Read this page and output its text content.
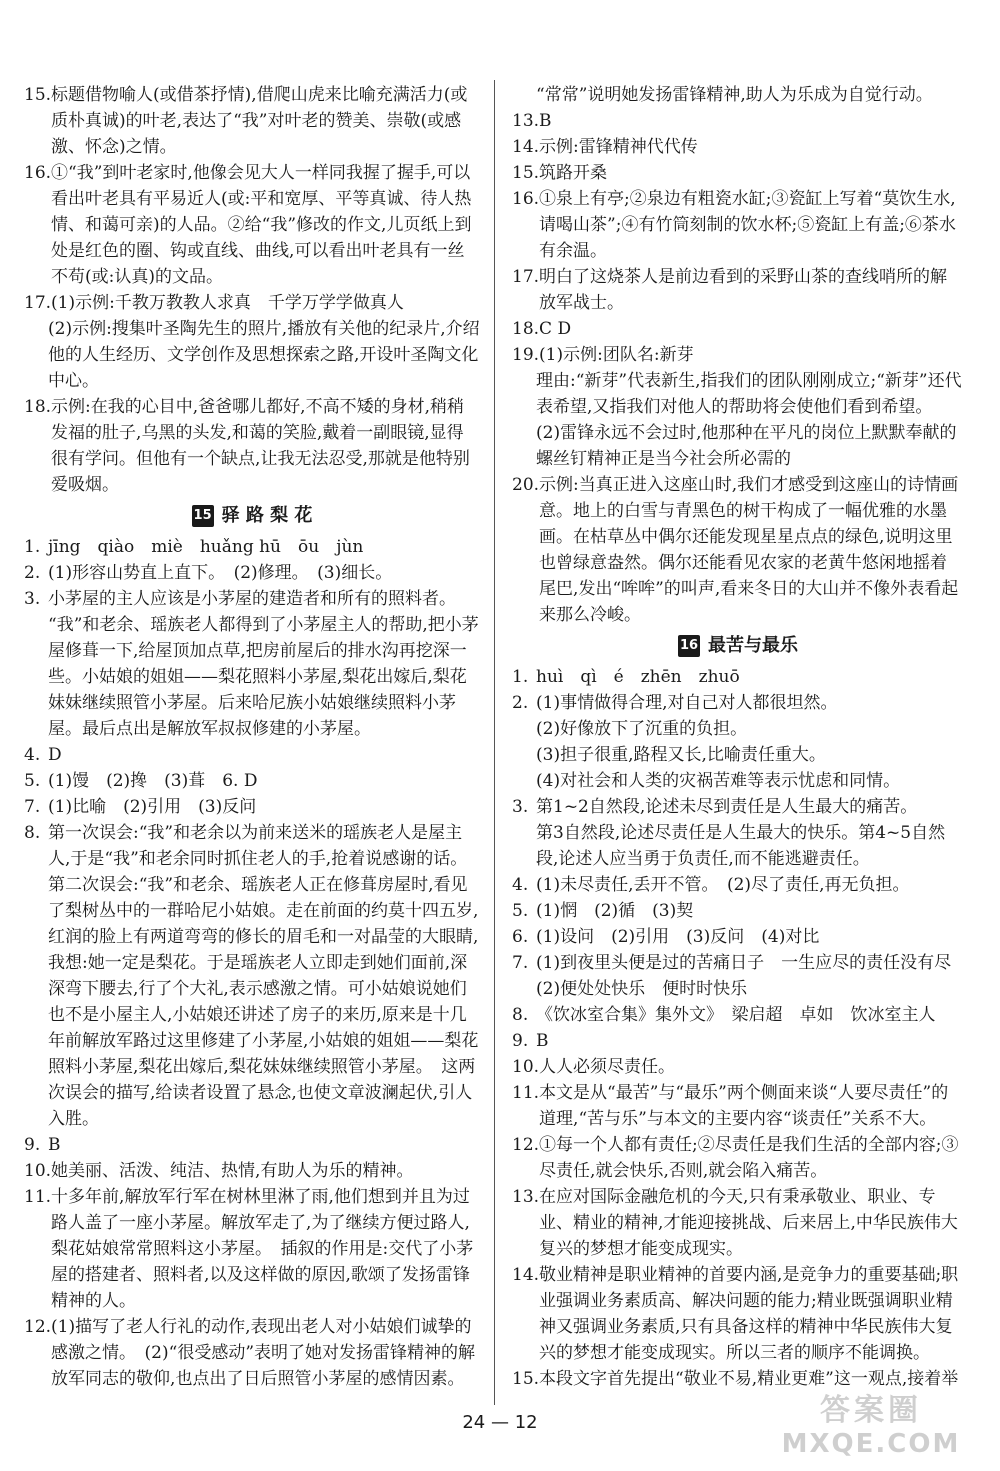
15. 标题借物喻人(或借茶抒情),借爬山虎来比喻充满活力(或质朴真诚)的叶老,表达了“我”对叶老的赞美、崇敬(或感激、怀念)之情。
16. ①“我”到叶老家时,他像会见大人一样同我握了握手,可以看出叶老具有平易近人(或:平和宽厚、平等真诚、待人热情、和蔼可亲)的人品。②给“我”修改的作文,儿页纸上到处是红色的圈、钩或直线、曲线,可以看出叶老具有一丝不苟(或:认真)的文品。
17. (1)示例:千教万教教人求真　千学万学学做真人
(2)示例:搜集叶圣陶先生的照片,播放有关他的纪录片,介绍他的人生经历、文学创作及思想探索之路,开设叶圣陶文化中心。
18. 示例:在我的心目中,爸爸哪儿都好,不高不矮的身材,稍稍发福的肚子,乌黑的头发,和蔼的笑脸,戴着一副眼镜,显得很有学问。但他有一个缺点,让我无法忍受,那就是他特别爱吸烟。
15 驿 路 梨 花
1. jīng　qiào　miè　huǎng hū　ōu　jùn
2. (1)形容山势直上直下。　(2)修理。　(3)细长。
3. 小茅屋的主人应该是小茅屋的建造者和所有的照料者。
“我”和老余、瑶族老人都得到了小茅屋主人的帮助,把小茅屋修葺一下,给屋顶加点草,把房前屋后的排水沟再挖深一些。小姑娘的姐姐——梨花照料小茅屋,梨花出嫁后,梨花妹妹继续照管小茅屋。后来哈尼族小姑娘继续照料小茅屋。最后点出是解放军叔叔修建的小茅屋。
4. D
5. (1)馒　(2)搀　(3)葺　6. D
7. (1)比喻　(2)引用　(3)反问
8. 第一次误会:“我”和老余以为前来送米的瑶族老人是屋主人,于是“我”和老余同时抓住老人的手,抢着说感谢的话。第二次误会:“我”和老余、瑶族老人正在修葺房屋时,看见了梨树丛中的一群哈尼小姑娘。走在前面的约莫十四五岁,红润的脸上有两道弯弯的修长的眉毛和一对晶莹的大眼睛,我想:她一定是梨花。于是瑶族老人立即走到她们面前,深深弯下腰去,行了个大礼,表示感激之情。可小姑娘说她们也不是小屋主人,小姑娘还讲述了房子的来历,原来是十几年前解放军路过这里修建了小茅屋,小姑娘的姐姐——梨花照料小茅屋,梨花出嫁后,梨花妹妹继续照管小茅屋。　这两次误会的描写,给读者设置了悬念,也使文章波澜起伏,引人入胜。
9. B
10. 她美丽、活泼、纯洁、热情,有助人为乐的精神。
11. 十多年前,解放军行军在树林里淋了雨,他们想到并且为过路人盖了一座小茅屋。解放军走了,为了继续方便过路人,梨花姑娘常常照料这小茅屋。　插叙的作用是:交代了小茅屋的搭建者、照料者,以及这样做的原因,歌颂了发扬雷锋精神的人。
12. (1)描写了老人行礼的动作,表现出老人对小姑娘们诚挚的感激之情。　(2)“很受感动”表明了她对发扬雷锋精神的解放军同志的敬仰,也点出了日后照管小茅屋的感情因素。
“常常”说明她发扬雷锋精神,助人为乐成为自觉行动。
13. B
14. 示例:雷锋精神代代传
15. 筑路开桑
16. ①泉上有亭;②泉边有粗瓷水缸;③瓷缸上写着“莫饮生水,请喝山茶”;④有竹筒刻制的饮水杯;⑤瓷缸上有盖;⑥茶水有余温。
17. 明白了这烧茶人是前边看到的采野山茶的查线哨所的解放军战士。
18. C D
19. (1)示例:团队名:新芽
理由:“新芽”代表新生,指我们的团队刚刚成立;“新芽”还代表希望,又指我们对他人的帮助将会使他们看到希望。
(2)雷锋永远不会过时,他那种在平凡的岗位上默默奉献的螺丝钉精神正是当今社会所必需的
20. 示例:当真正进入这座山时,我们才感受到这座山的诗情画意。地上的白雪与青黑色的树干构成了一幅优雅的水墨画。在枯草丛中偶尔还能发现星星点点的绿色,说明这里也曾绿意盎然。偶尔还能看见农家的老黄牛悠闲地摇着尾巴,发出“哞哞”的叫声,看来冬日的大山并不像外表看起来那么冷峻。
16 最苦与最乐
1. huì　qì　é　zhēn　zhuō
2. (1)事情做得合理,对自己对人都很坦然。
(2)好像放下了沉重的负担。
(3)担子很重,路程又长,比喻责任重大。
(4)对社会和人类的灾祸苦难等表示忧虑和同情。
3. 第1~2自然段,论述未尽到责任是人生最大的痛苦。
第3自然段,论述尽责任是人生最大的快乐。第4~5自然段,论述人应当勇于负责任,而不能逃避责任。
4. (1)未尽责任,丢开不管。　(2)尽了责任,再无负担。
5. (1)惘　(2)循　(3)契
6. (1)设问　(2)引用　(3)反问　(4)对比
7. (1)到夜里头便是过的苦痛日子　一生应尽的责任没有尽
(2)便处处快乐　便时时快乐
8. 《饮冰室合集》集外文》　梁启超　卓如　饮冰室主人
9. B
10. 人人必须尽责任。
11. 本文是从“最苦”与“最乐”两个侧面来谈“人要尽责任”的道理,“苦与乐”与本文的主要内容“谈责任”关系不大。
12. ①每一个人都有责任;②尽责任是我们生活的全部内容;③尽责任,就会快乐,否则,就会陷入痛苦。
13. 在应对国际金融危机的今天,只有秉承敬业、职业、专业、精业的精神,才能迎接挑战、后来居上,中华民族伟大复兴的梦想才能变成现实。
14. 敬业精神是职业精神的首要内涵,是竞争力的重要基础;职业强调业务素质高、解决问题的能力;精业既强调职业精神又强调业务素质,只有具备这样的精神中华民族伟大复兴的梦想才能变成现实。所以三者的顺序不能调换。
15. 本段文字首先提出“敬业不易,精业更难”这一观点,接着举
24 — 12	答案圈
MXQE.COM
